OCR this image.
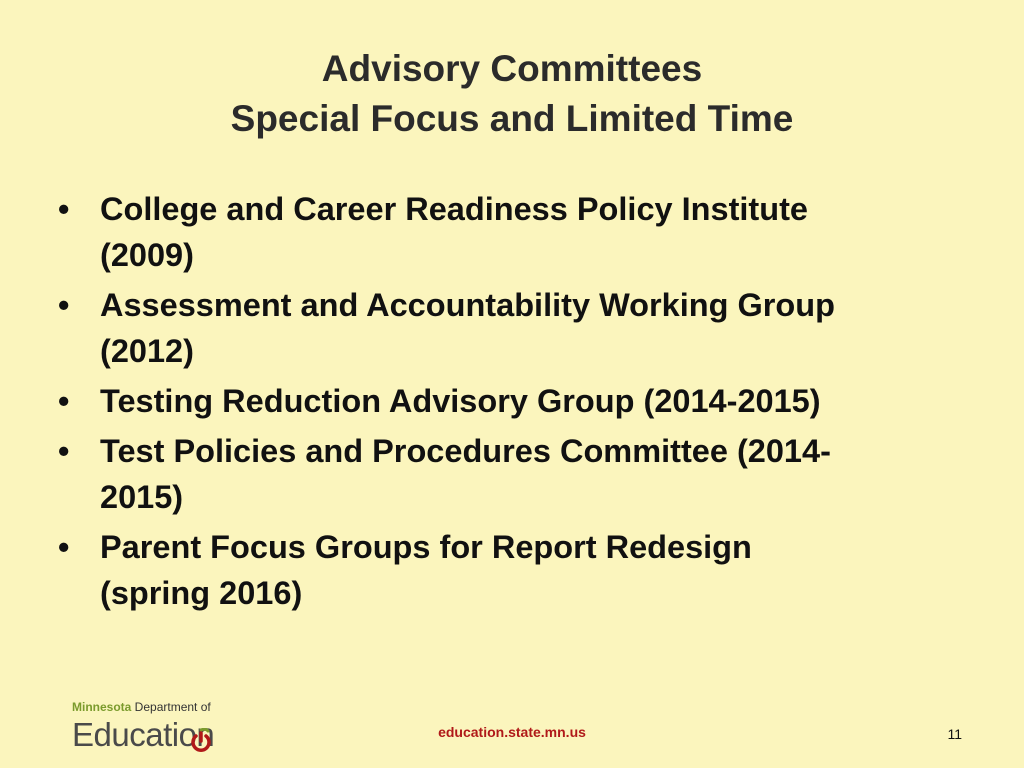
Advisory Committees
Special Focus and Limited Time
• College and Career Readiness Policy Institute
(2009)
• Assessment and Accountability Working Group
(2012)
• Testing Reduction Advisory Group (2014-2015)
• Test Policies and Procedures Committee (2014-
2015)
• Parent Focus Groups for Report Redesign
(spring 2016)
Minnesota Department of
Education	education.state.mn.us	11
